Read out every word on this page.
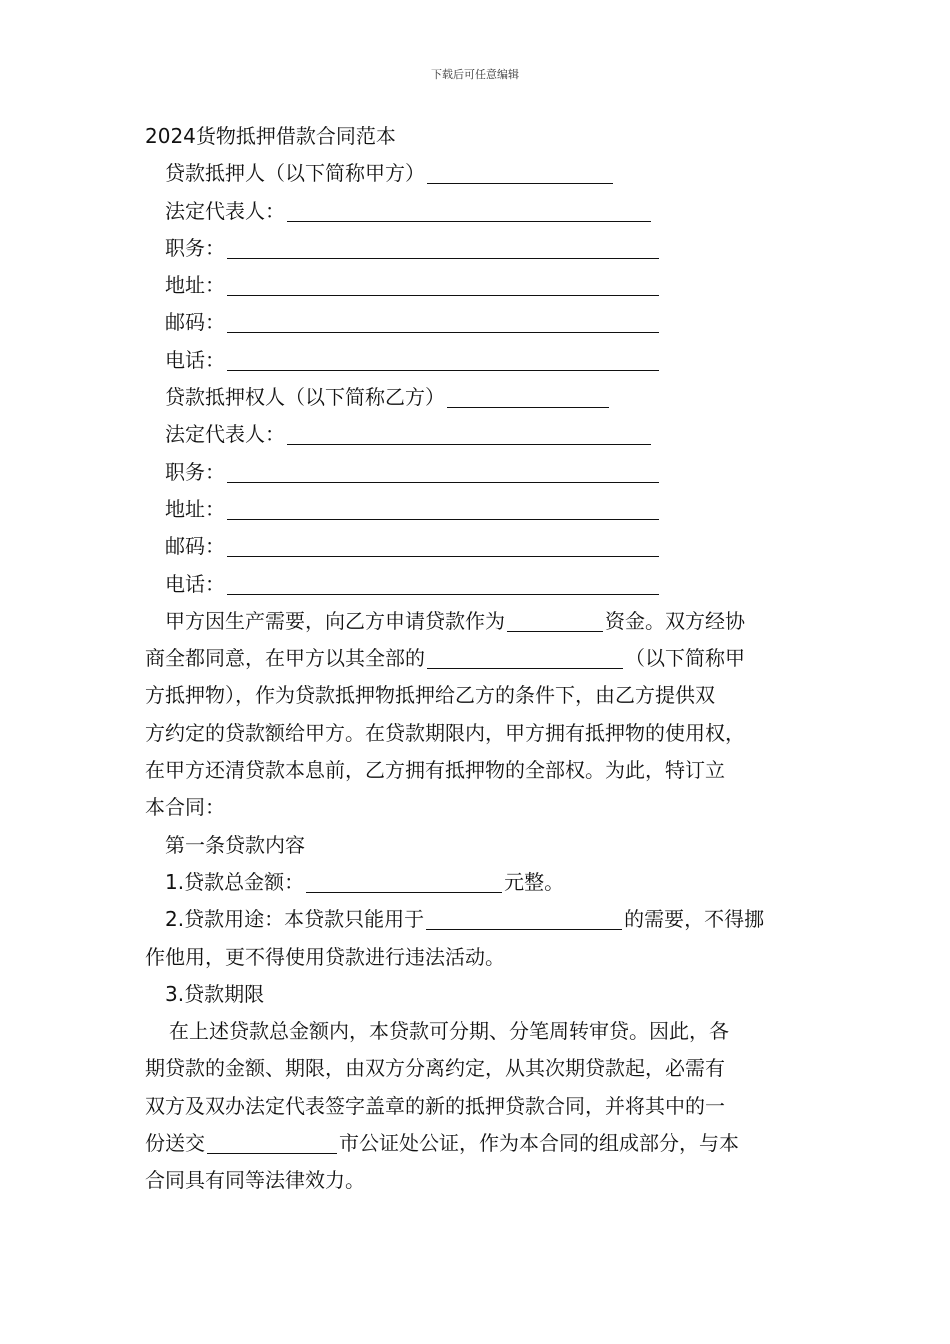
下载后可任意编辑
2024货物抵押借款合同范本
贷款抵押人（以下简称甲方）
法定代表人：
职务：
地址：
邮码：
电话：
贷款抵押权人（以下简称乙方）
法定代表人：
职务：
地址：
邮码：
电话：
甲方因生产需要，向乙方申请贷款作为	资金。双方经协
商全都同意，在甲方以其全部的	（以下简称甲
方抵押物），作为贷款抵押物抵押给乙方的条件下，由乙方提供双
方约定的贷款额给甲方。在贷款期限内，甲方拥有抵押物的使用权，
在甲方还清贷款本息前，乙方拥有抵押物的全部权。为此，特订立
本合同：
第一条贷款内容
1.贷款总金额：	元整。
2.贷款用途：本贷款只能用于	的需要，不得挪
作他用，更不得使用贷款进行违法活动。
3.贷款期限
在上述贷款总金额内，本贷款可分期、分笔周转审贷。因此，各
期贷款的金额、期限，由双方分离约定，从其次期贷款起，必需有
双方及双办法定代表签字盖章的新的抵押贷款合同，并将其中的一
份送交	市公证处公证，作为本合同的组成部分，与本
合同具有同等法律效力。
